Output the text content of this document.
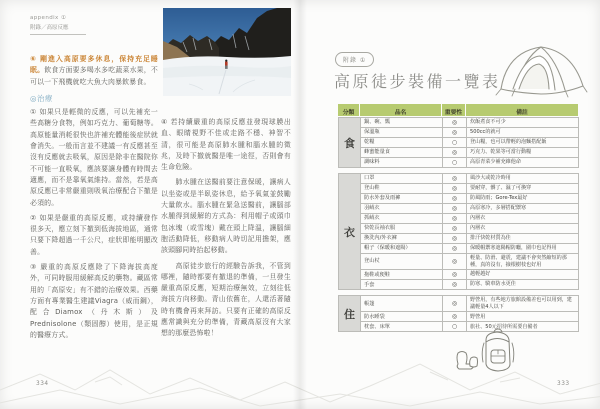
appendix ①
附錄／高原反應

⑥ 剛進入高原要多休息，保持充足睡眠。飲食方面要多喝水多吃蔬菜水果，不可以一下飛機就吃大魚大肉暴飲暴食。

◎治療

① 如果只是輕微的反應，可以先補充一些高糖分食物，例如巧克力、葡萄糖等。高原能量消耗很快也許補充體能後症狀就會消失。一般而言並不建議一有反應甚至沒有反應就去吸氧，原因是除非在醫院你不可能一直吸氧，應該要讓身體有時間去適應，而不是靠氧氣維持。當然，若是高原反應已非常嚴重則吸氧治療配合下撤是必須的。

② 如果是嚴重的高原反應，或持續發作很多天，應立刻下撤到低海拔地區，通常只要下降超過一千公尺，症狀即能明顯改善。

③ 嚴重的高原反應除了下降海拔高度外，可同時服用緩解高反的藥物。藏區常用的「高原安」有不錯的治療效果。西藥方面有專業醫生建議Viagra（威而鋼），配合Diamox（丹木斯）及Prednisolone（類固醇）使用，是正規的醫療方式。

④ 若持續嚴重的高原反應並發現球膜出血、眼睛視野不佳或走路不穩、神智不清，很可能是高原肺水腫和腦水腫的徵兆，及時下撤就醫是唯一途徑，否則會有生命危險。

　　肺水腫在送醫前要注意保暖，讓病人以坐姿或是半臥姿休息，給予氧氣並鼓勵大量飲水。腦水腫在緊急送醫前，讓腦部水腫得到緩解的方式為：利用帽子或頭巾包冰塊（或雪塊）戴在頭上降溫，讓腦細胞活動降低，移動病人時切記用擔架，應該頭腳同時抬起移動。

　　高原徒步旅行的經驗告訴我，不管到哪裡，隨時都要有撤退的準備，一旦發生嚴重高原反應，短期治療無效，立刻往低海拔方向移動。青山依舊在，人還活著隨時有機會再來拜訪。只要有正確的高原反應常識與充分的準備，青藏高原沒有大家想的那麼恐怖啦！

334
附錄 ①
高原徒步裝備一覽表
分類	品名	重要性	備註
食	鍋、碗、瓢	◎	炊飯煮食不可少
	保溫瓶	◎	500cc的就可
	乾糧	○	登山糧，也可以帶輕的泡麵搭配飯
	蜂蜜能量食	◎	巧克力、乾果等可當行動糧
	調味料	○	高原青菜少補充維他命
衣	口罩	◎	風沙大或乾冷時用
	登山鞋	◎	要耐穿，髒了、濕了可換穿
	防水外套及雨褲	◎	防風防雨；Gore-Tex最好
	羽絨衣	◎	高原寒冷，多層搭配禦寒
	抓絨衣	◎	內層衣
	快乾長袖衣服	◎	內層衣
	換洗內/外衣褲	◎	排汗快乾材質為佳
	帽子（保暖和遮陽）	◎	保暖帽禦寒遮陽帽防曬，圍巾也記得用
	登山杖	◎	輕量、防滑、避震，建議不會突然縮短的那種，真的沒有，撿根樹枝也好用
	拖鞋或便鞋	◎	越輕越好
	手套	◎	防寒、騎車防水更佳
住	帳篷	◎	野營用，有些地方旅館設備差也可以用到，建議輕量4人以下
	防水睡袋	◎	野營用
	枕套、床單	○	旅社、50元招待所需要自備者
333
